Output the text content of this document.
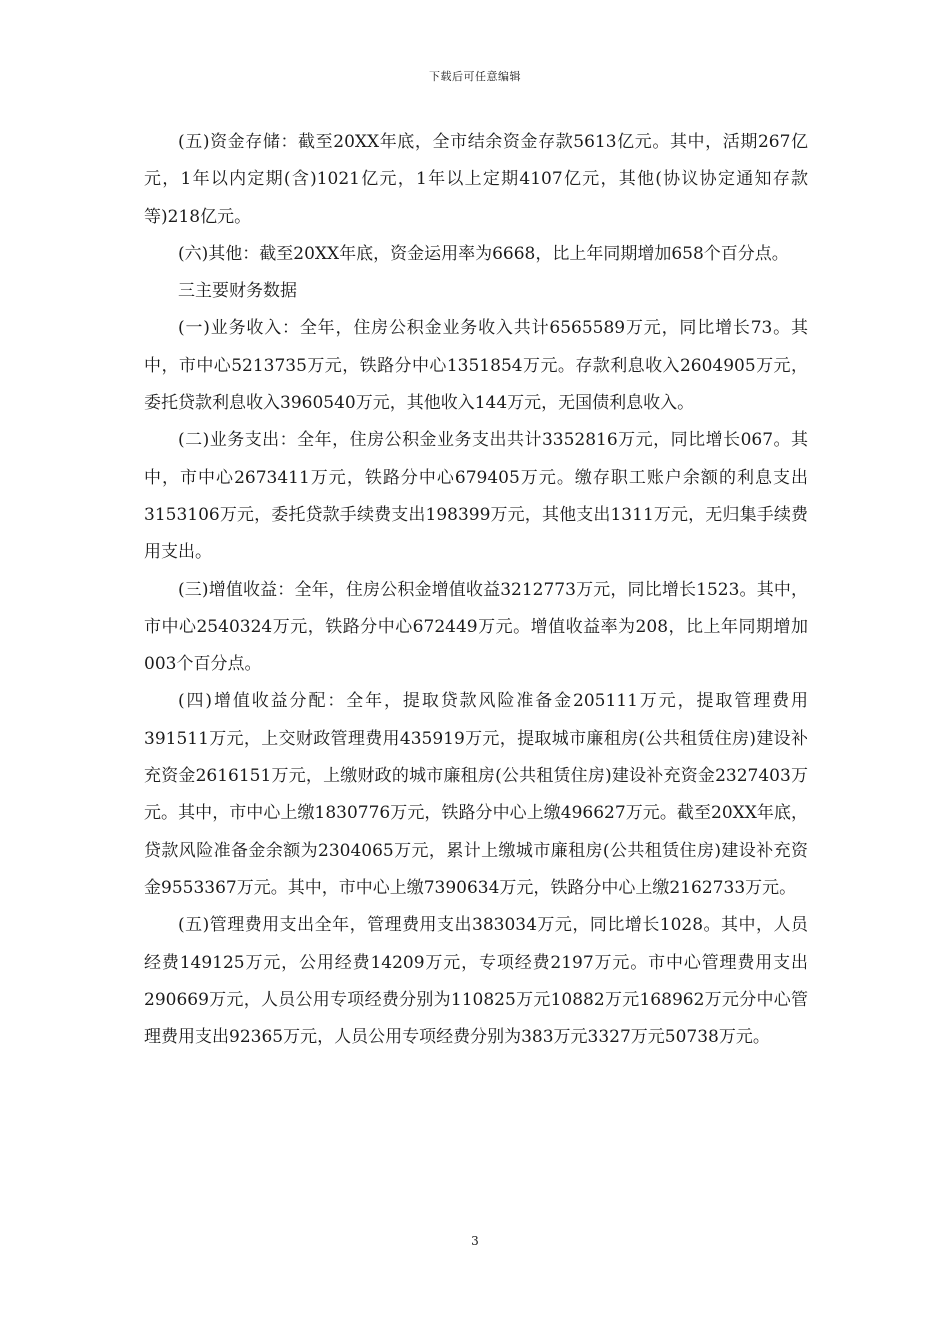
下载后可任意编辑

(五)资金存储：截至20XX年底，全市结余资金存款5613亿元。其中，活期267亿元，1年以内定期(含)1021亿元，1年以上定期4107亿元，其他(协议协定通知存款等)218亿元。

(六)其他：截至20XX年底，资金运用率为6668，比上年同期增加658个百分点。

三主要财务数据

(一)业务收入：全年，住房公积金业务收入共计6565589万元，同比增长73。其中，市中心5213735万元，铁路分中心1351854万元。存款利息收入2604905万元，委托贷款利息收入3960540万元，其他收入144万元，无国债利息收入。

(二)业务支出：全年，住房公积金业务支出共计3352816万元，同比增长067。其中，市中心2673411万元，铁路分中心679405万元。缴存职工账户余额的利息支出3153106万元，委托贷款手续费支出198399万元，其他支出1311万元，无归集手续费用支出。

(三)增值收益：全年，住房公积金增值收益3212773万元，同比增长1523。其中，市中心2540324万元，铁路分中心672449万元。增值收益率为208，比上年同期增加003个百分点。

(四)增值收益分配：全年，提取贷款风险准备金205111万元，提取管理费用391511万元，上交财政管理费用435919万元，提取城市廉租房(公共租赁住房)建设补充资金2616151万元，上缴财政的城市廉租房(公共租赁住房)建设补充资金2327403万元。其中，市中心上缴1830776万元，铁路分中心上缴496627万元。截至20XX年底，贷款风险准备金余额为2304065万元，累计上缴城市廉租房(公共租赁住房)建设补充资金9553367万元。其中，市中心上缴7390634万元，铁路分中心上缴2162733万元。

(五)管理费用支出全年，管理费用支出383034万元，同比增长1028。其中，人员经费149125万元，公用经费14209万元，专项经费2197万元。市中心管理费用支出290669万元，人员公用专项经费分别为110825万元10882万元168962万元分中心管理费用支出92365万元，人员公用专项经费分别为383万元3327万元50738万元。

3
